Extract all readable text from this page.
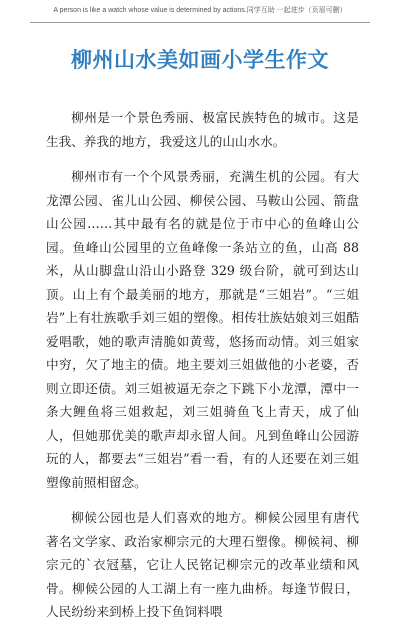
A person is like a watch whose value is determined by actions.同学互助 一起进步（页眉可删）
柳州山水美如画小学生作文

柳州是一个景色秀丽、极富民族特色的城市。这是生我、养我的地方，我爱这儿的山山水水。

柳州市有一个个风景秀丽，充满生机的公园。有大龙潭公园、雀儿山公园、柳侯公园、马鞍山公园、箭盘山公园……其中最有名的就是位于市中心的鱼峰山公园。鱼峰山公园里的立鱼峰像一条站立的鱼，山高 88 米，从山脚盘山沿山小路登 329 级台阶，就可到达山顶。山上有个最美丽的地方，那就是“三姐岩”。“三姐岩”上有壮族歌手刘三姐的塑像。相传壮族姑娘刘三姐酷爱唱歌，她的歌声清脆如黄莺，悠扬而动情。刘三姐家中穷，欠了地主的债。地主要刘三姐做他的小老婆，否则立即还债。刘三姐被逼无奈之下跳下小龙潭，潭中一条大鲤鱼将三姐救起，刘三姐骑鱼飞上青天，成了仙人，但她那优美的歌声却永留人间。凡到鱼峰山公园游玩的人，都要去“三姐岩”看一看，有的人还要在刘三姐塑像前照相留念。

柳候公园也是人们喜欢的地方。柳候公园里有唐代著名文学家、政治家柳宗元的大理石塑像。柳候祠、柳宗元的`衣冠墓，它让人民铭记柳宗元的改革业绩和风骨。柳候公园的人工湖上有一座九曲桥。每逢节假日，人民纷纷来到桥上投下鱼饲料喂
